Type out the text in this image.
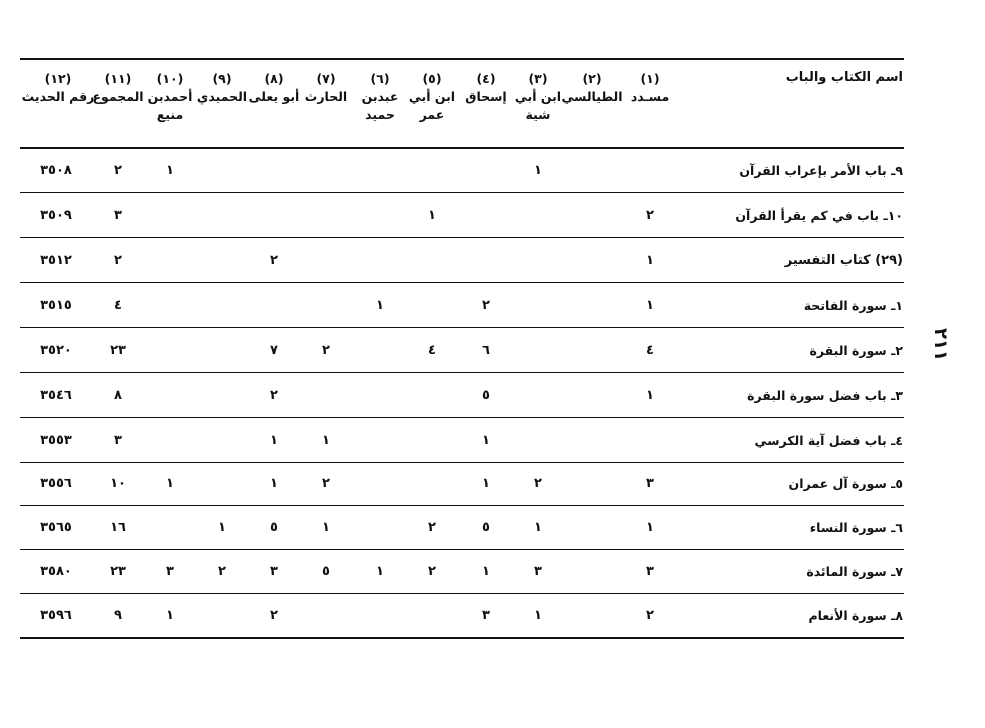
اسم الكتاب والباب
(١)
مسـدد
(٢)
الطيالسي
(٣)
ابن أبي
شية
(٤)
إسحاق
(٥)
ابن أبي
عمر
(٦)
عبدبن
حميد
(٧)
الحارث
(٨)
أبو يعلى
(٩)
الحميدي
(١٠)
أحمدبن
منيع
(١١)
المجموع
(١٢)
رقم الحديث
٩ـ باب الأمر بإعراب القرآن
١
١
٢
٣٥٠٨
١٠ـ باب في كم يقرأ القرآن
٢
١
٣
٣٥٠٩
(٢٩) كتاب التفسير
١
٢
٢
٣٥١٢
١ـ سورة الفاتحة
١
٢
١
٤
٣٥١٥
٢ـ سورة البقرة
٤
٦
٤
٢
٧
٢٣
٣٥٢٠
٣ـ باب فضل سورة البقرة
١
٥
٢
٨
٣٥٤٦
٤ـ باب فضل آية الكرسي
١
١
١
٣
٣٥٥٣
٥ـ سورة آل عمران
٣
٢
١
٢
١
١
١٠
٣٥٥٦
٦ـ سورة النساء
١
١
٥
٢
١
٥
١
١٦
٣٥٦٥
٧ـ سورة المائدة
٣
٣
١
٢
١
٥
٣
٢
٣
٢٣
٣٥٨٠
٨ـ سورة الأنعام
٢
١
٣
٢
١
٩
٣٥٩٦
٢١١
